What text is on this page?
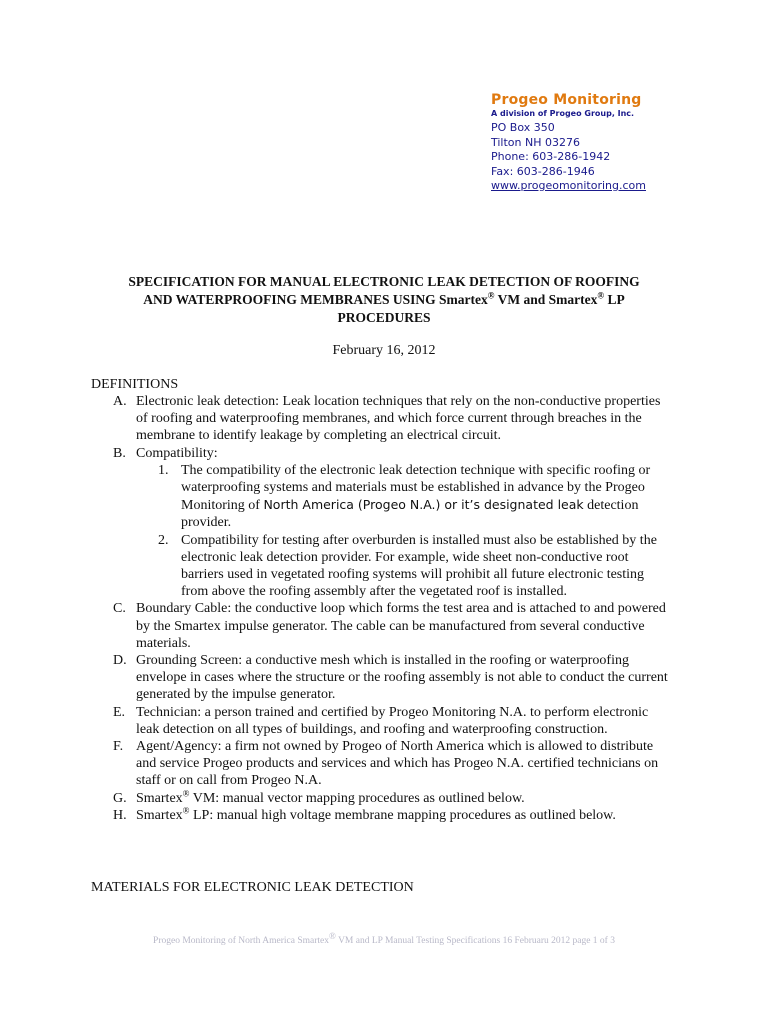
Progeo Monitoring
A division of Progeo Group, Inc.
PO Box 350
Tilton NH 03276
Phone: 603-286-1942
Fax: 603-286-1946
www.progeomonitoring.com
SPECIFICATION FOR MANUAL ELECTRONIC LEAK DETECTION OF ROOFING
AND WATERPROOFING MEMBRANES USING Smartex® VM and Smartex® LP
PROCEDURES
February 16, 2012
DEFINITIONS
A. Electronic leak detection: Leak location techniques that rely on the non-conductive properties of roofing and waterproofing membranes, and which force current through breaches in the membrane to identify leakage by completing an electrical circuit.
B. Compatibility:
1. The compatibility of the electronic leak detection technique with specific roofing or waterproofing systems and materials must be established in advance by the Progeo Monitoring of North America (Progeo N.A.) or it’s designated leak detection provider.
2. Compatibility for testing after overburden is installed must also be established by the electronic leak detection provider. For example, wide sheet non-conductive root barriers used in vegetated roofing systems will prohibit all future electronic testing from above the roofing assembly after the vegetated roof is installed.
C. Boundary Cable: the conductive loop which forms the test area and is attached to and powered by the Smartex impulse generator. The cable can be manufactured from several conductive materials.
D. Grounding Screen: a conductive mesh which is installed in the roofing or waterproofing envelope in cases where the structure or the roofing assembly is not able to conduct the current generated by the impulse generator.
E. Technician: a person trained and certified by Progeo Monitoring N.A. to perform electronic leak detection on all types of buildings, and roofing and waterproofing construction.
F. Agent/Agency: a firm not owned by Progeo of North America which is allowed to distribute and service Progeo products and services and which has Progeo N.A. certified technicians on staff or on call from Progeo N.A.
G. Smartex® VM: manual vector mapping procedures as outlined below.
H. Smartex® LP: manual high voltage membrane mapping procedures as outlined below.
MATERIALS FOR ELECTRONIC LEAK DETECTION
Progeo Monitoring of North America Smartex® VM and LP Manual Testing Specifications 16 Februaru 2012 page 1 of 3
